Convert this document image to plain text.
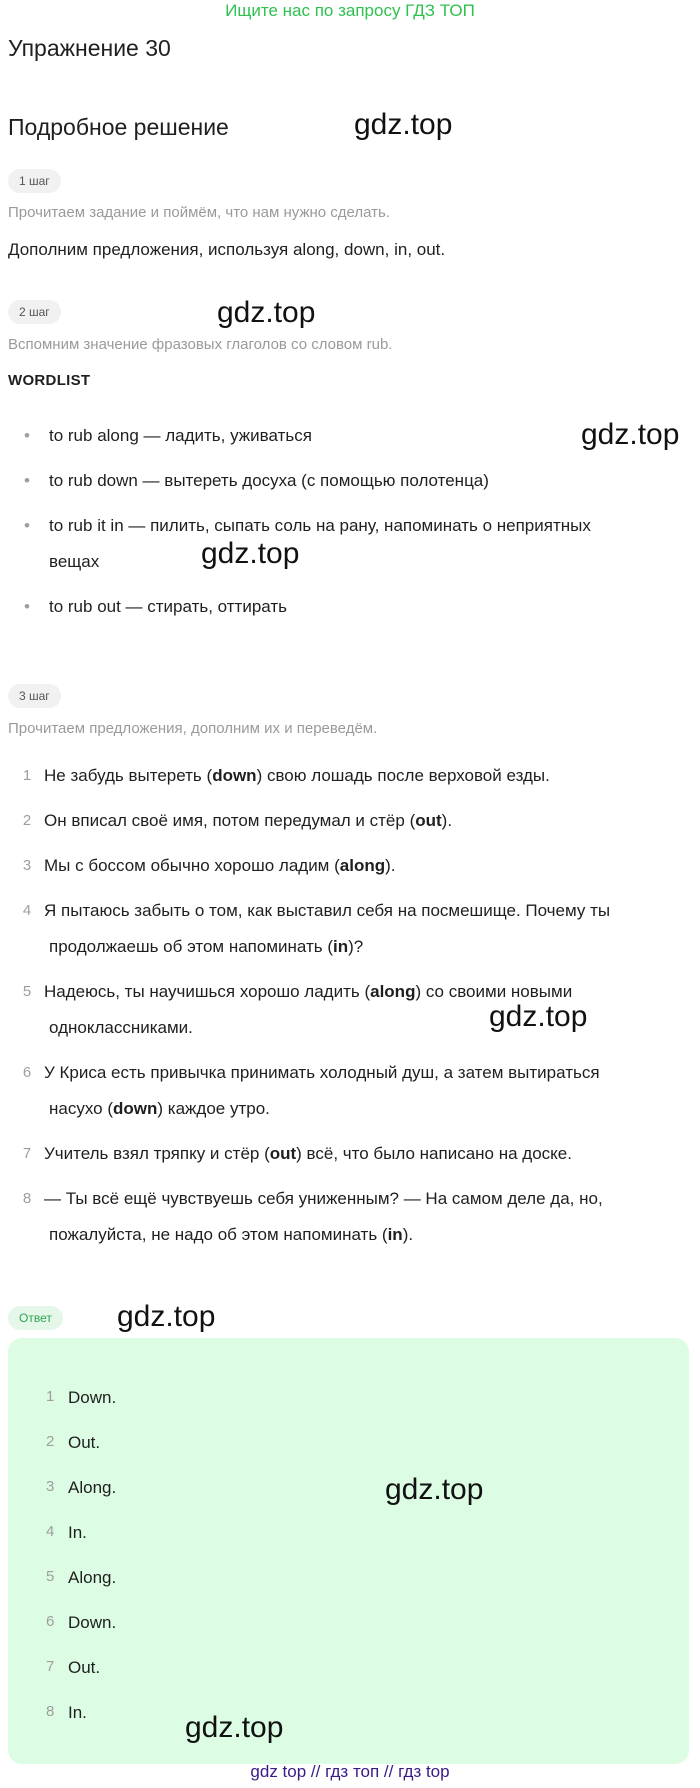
Ищите нас по запросу ГДЗ ТОП
Упражнение 30
Подробное решение
1 шаг
Прочитаем задание и поймём, что нам нужно сделать.
Дополним предложения, используя along, down, in, out.
2 шаг
Вспомним значение фразовых глаголов со словом rub.
WORDLIST
• to rub along — ладить, уживаться
• to rub down — вытереть досуха (с помощью полотенца)
• to rub it in — пилить, сыпать соль на рану, напоминать о неприятных
вещах
• to rub out — стирать, оттирать
3 шаг
Прочитаем предложения, дополним их и переведём.
1 Не забудь вытереть (down) свою лошадь после верховой езды.
2 Он вписал своё имя, потом передумал и стёр (out).
3 Мы с боссом обычно хорошо ладим (along).
4 Я пытаюсь забыть о том, как выставил себя на посмешище. Почему ты
продолжаешь об этом напоминать (in)?
5 Надеюсь, ты научишься хорошо ладить (along) со своими новыми
одноклассниками.
6 У Криса есть привычка принимать холодный душ, а затем вытираться
насухо (down) каждое утро.
7 Учитель взял тряпку и стёр (out) всё, что было написано на доске.
8 — Ты всё ещё чувствуешь себя униженным? — На самом деле да, но,
пожалуйста, не надо об этом напоминать (in).
Ответ
1 Down.
2 Out.
3 Along.
4 In.
5 Along.
6 Down.
7 Out.
8 In.
gdz.top
gdz.top
gdz.top
gdz.top
gdz.top
gdz.top
gdz.top
gdz.top
gdz top // гдз топ // гдз top
